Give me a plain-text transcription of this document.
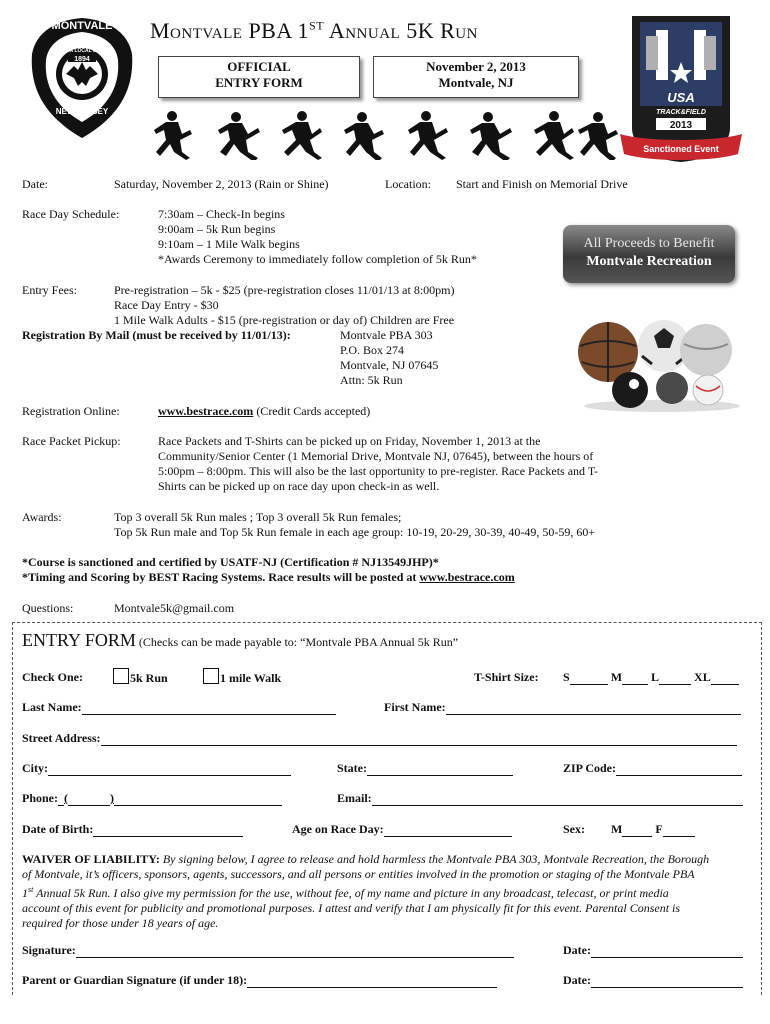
MONTVALE
PBA LOCAL 303
1894
NEW JERSEY
Montvale PBA 1ST Annual 5K Run
OFFICIAL
ENTRY FORM
November 2, 2013
Montvale, NJ
USA
TRACK&FIELD
2013
Sanctioned Event
Date:	Saturday, November 2, 2013 (Rain or Shine)	Location: Start and Finish on Memorial Drive
Race Day Schedule:	7:30am – Check-In begins
9:00am – 5k Run begins
9:10am – 1 Mile Walk begins
*Awards Ceremony to immediately follow completion of 5k Run*
All Proceeds to Benefit
Montvale Recreation
Entry Fees:	Pre-registration – 5k - $25 (pre-registration closes 11/01/13 at 8:00pm)
Race Day Entry - $30
1 Mile Walk Adults - $15 (pre-registration or day of) Children are Free
Registration By Mail (must be received by 11/01/13):	Montvale PBA 303
P.O. Box 274
Montvale, NJ 07645
Attn: 5k Run
Registration Online:	www.bestrace.com (Credit Cards accepted)
Race Packet Pickup:	Race Packets and T-Shirts can be picked up on Friday, November 1, 2013 at the
Community/Senior Center (1 Memorial Drive, Montvale NJ, 07645), between the hours of
5:00pm – 8:00pm. This will also be the last opportunity to pre-register. Race Packets and T-
Shirts can be picked up on race day upon check-in as well.
Awards:	Top 3 overall 5k Run males ; Top 3 overall 5k Run females;
Top 5k Run male and Top 5k Run female in each age group: 10-19, 20-29, 30-39, 40-49, 50-59, 60+
*Course is sanctioned and certified by USATF-NJ (Certification # NJ13549JHP)*
*Timing and Scoring by BEST Racing Systems. Race results will be posted at www.bestrace.com
Questions:	Montvale5k@gmail.com
ENTRY FORM (Checks can be made payable to: “Montvale PBA Annual 5k Run”
Check One:	5k Run	1 mile Walk	T-Shirt Size: S	M L	XL
Last Name:	First Name:
Street Address:
City:	State:	ZIP Code:
Phone: (	)	Email:
Date of Birth:	Age on Race Day:	Sex: M	F
WAIVER OF LIABILITY: By signing below, I agree to release and hold harmless the Montvale PBA 303, Montvale Recreation, the Borough
of Montvale, it’s officers, sponsors, agents, successors, and all persons or entities involved in the promotion or staging of the Montvale PBA
1st Annual 5k Run. I also give my permission for the use, without fee, of my name and picture in any broadcast, telecast, or print media
account of this event for publicity and promotional purposes. I attest and verify that I am physically fit for this event. Parental Consent is
required for those under 18 years of age.
Signature:	Date:
Parent or Guardian Signature (if under 18):	Date:
